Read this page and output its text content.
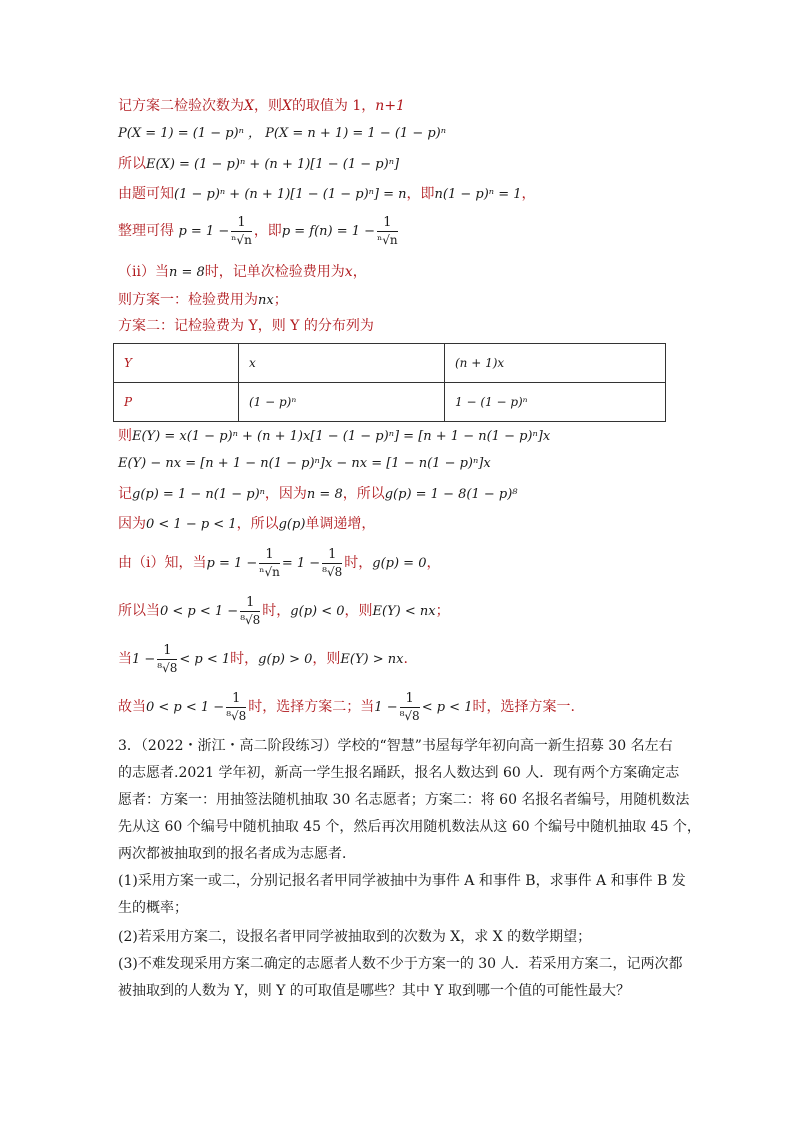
记方案二检验次数为X，则X的取值为 1，n+1
P(X = 1) = (1 − p)ⁿ ， P(X = n + 1) = 1 − (1 − p)ⁿ
所以E(X) = (1 − p)ⁿ + (n + 1)[1 − (1 − p)ⁿ]
由题可知(1 − p)ⁿ + (n + 1)[1 − (1 − p)ⁿ] = n，即n(1 − p)ⁿ = 1，
整理可得 $p = 1 - \frac{1}{\text{ⁿ√n}}$ ，即$p = f(n) = 1 - \frac{1}{\text{ⁿ√n}}$
（ⅱ）当n = 8时，记单次检验费用为x，
则方案一：检验费用为nx；
方案二：记检验费为 Y，则 Y 的分布列为
Y	x	(n + 1)x
P	(1 − p)ⁿ	1 − (1 − p)ⁿ
则E(Y) = x(1 − p)ⁿ + (n + 1)x[1 − (1 − p)ⁿ] = [n + 1 − n(1 − p)ⁿ]x
E(Y) − nx = [n + 1 − n(1 − p)ⁿ]x − nx = [1 − n(1 − p)ⁿ]x
记g(p) = 1 − n(1 − p)ⁿ，因为n = 8，所以g(p) = 1 − 8(1 − p)⁸
因为0 < 1 − p < 1，所以g(p)单调递增，
由（ⅰ）知，当$p = 1 - \frac{1}{\text{ⁿ√n}} = 1 - \frac{1}{\text{⁸√8}}$ 时，g(p) = 0，
所以当$0 < p < 1 - \frac{1}{\text{⁸√8}}$ 时，g(p) < 0，则E(Y) < nx；
当$1 - \frac{1}{\text{⁸√8}} < p < 1$时，g(p) > 0，则E(Y) > nx.
故当$0 < p < 1 - \frac{1}{\text{⁸√8}}$ 时，选择方案二；当$1 - \frac{1}{\text{⁸√8}} < p < 1$时，选择方案一.
3．（2022・浙江・高二阶段练习）学校的“智慧”书屋每学年初向高一新生招募 30 名左右
的志愿者.2021 学年初，新高一学生报名踊跃，报名人数达到 60 人．现有两个方案确定志
愿者：方案一：用抽签法随机抽取 30 名志愿者；方案二：将 60 名报名者编号，用随机数法
先从这 60 个编号中随机抽取 45 个，然后再次用随机数法从这 60 个编号中随机抽取 45 个，
两次都被抽取到的报名者成为志愿者．
(1)采用方案一或二，分别记报名者甲同学被抽中为事件 A 和事件 B，求事件 A 和事件 B 发
生的概率；
(2)若采用方案二，设报名者甲同学被抽取到的次数为 X，求 X 的数学期望；
(3)不难发现采用方案二确定的志愿者人数不少于方案一的 30 人．若采用方案二，记两次都
被抽取到的人数为 Y，则 Y 的可取值是哪些？其中 Y 取到哪一个值的可能性最大？
